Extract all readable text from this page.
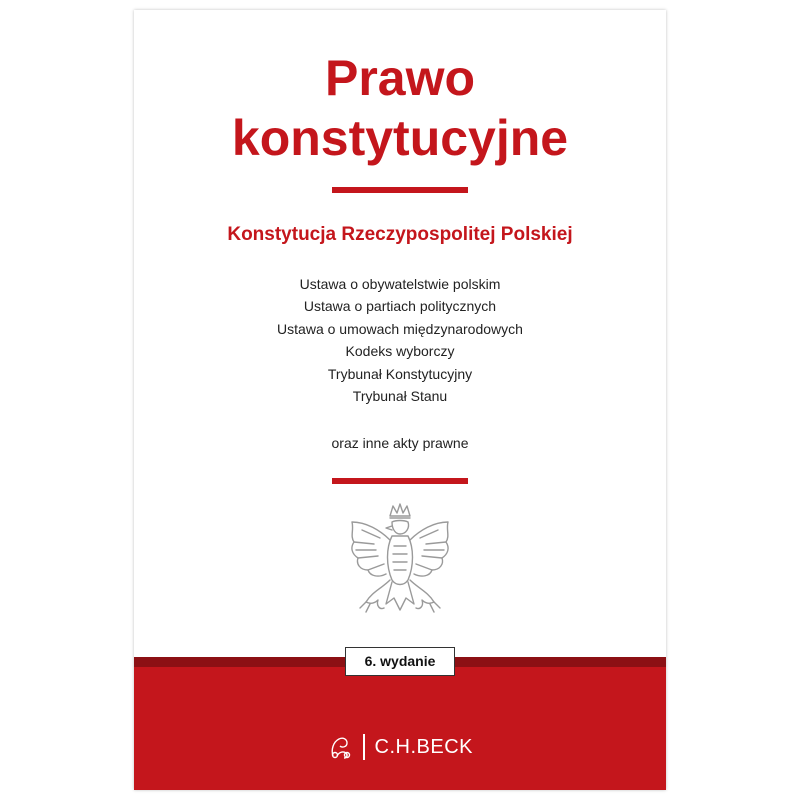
Prawo
konstytucyjne
Konstytucja Rzeczypospolitej Polskiej
Ustawa o obywatelstwie polskim
Ustawa o partiach politycznych
Ustawa o umowach międzynarodowych
Kodeks wyborczy
Trybunał Konstytucyjny
Trybunał Stanu
oraz inne akty prawne
6. wydanie
C.H.BECK
